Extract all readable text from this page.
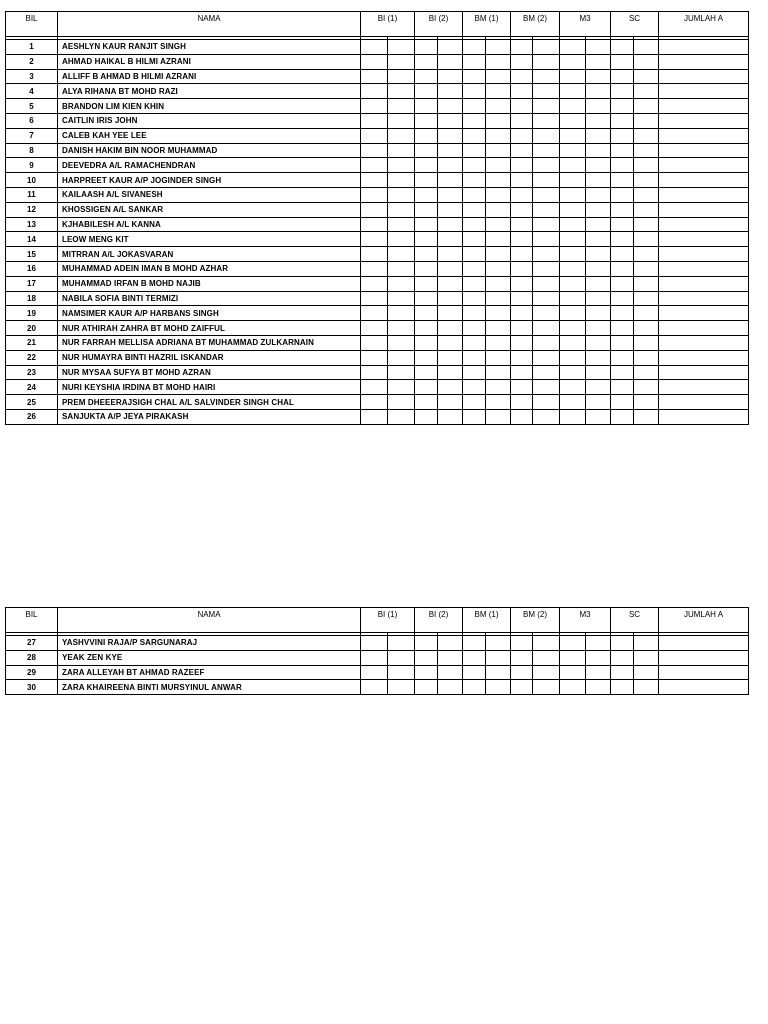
BIL	NAMA	BI (1)		BI (2)		BM (1)		BM (2)		M3		SC		JUMLAH A

1	AESHLYN KAUR RANJIT SINGH													
2	AHMAD HAIKAL B HILMI AZRANI													
3	ALLIFF B AHMAD B HILMI AZRANI													
4	ALYA RIHANA BT MOHD RAZI													
5	BRANDON LIM KIEN KHIN													
6	CAITLIN IRIS JOHN													
7	CALEB KAH YEE LEE													
8	DANISH HAKIM BIN NOOR MUHAMMAD													
9	DEEVEDRA A/L RAMACHENDRAN													
10	HARPREET KAUR A/P JOGINDER SINGH													
11	KAILAASH A/L SIVANESH													
12	KHOSSIGEN A/L SANKAR													
13	KJHABILESH A/L KANNA													
14	LEOW MENG KIT													
15	MITRRAN A/L JOKASVARAN													
16	MUHAMMAD ADEIN IMAN B MOHD AZHAR													
17	MUHAMMAD IRFAN B MOHD NAJIB													
18	NABILA SOFIA BINTI TERMIZI													
19	NAMSIMER KAUR A/P HARBANS SINGH													
20	NUR ATHIRAH ZAHRA BT MOHD ZAIFFUL													
21	NUR FARRAH MELLISA ADRIANA BT MUHAMMAD ZULKARNAIN													
22	NUR HUMAYRA BINTI HAZRIL ISKANDAR													
23	NUR MYSAA SUFYA BT MOHD AZRAN													
24	NURI KEYSHIA IRDINA BT MOHD HAIRI													
25	PREM DHEEERAJSIGH CHAL A/L SALVINDER SINGH CHAL													
26	SANJUKTA A/P JEYA PIRAKASH													
BIL	NAMA	BI (1)		BI (2)		BM (1)		BM (2)		M3		SC		JUMLAH A

27	YASHVVINI RAJA/P SARGUNARAJ													
28	YEAK ZEN KYE													
29	ZARA ALLEYAH BT AHMAD RAZEEF													
30	ZARA KHAIREENA BINTI MURSYINUL ANWAR													
